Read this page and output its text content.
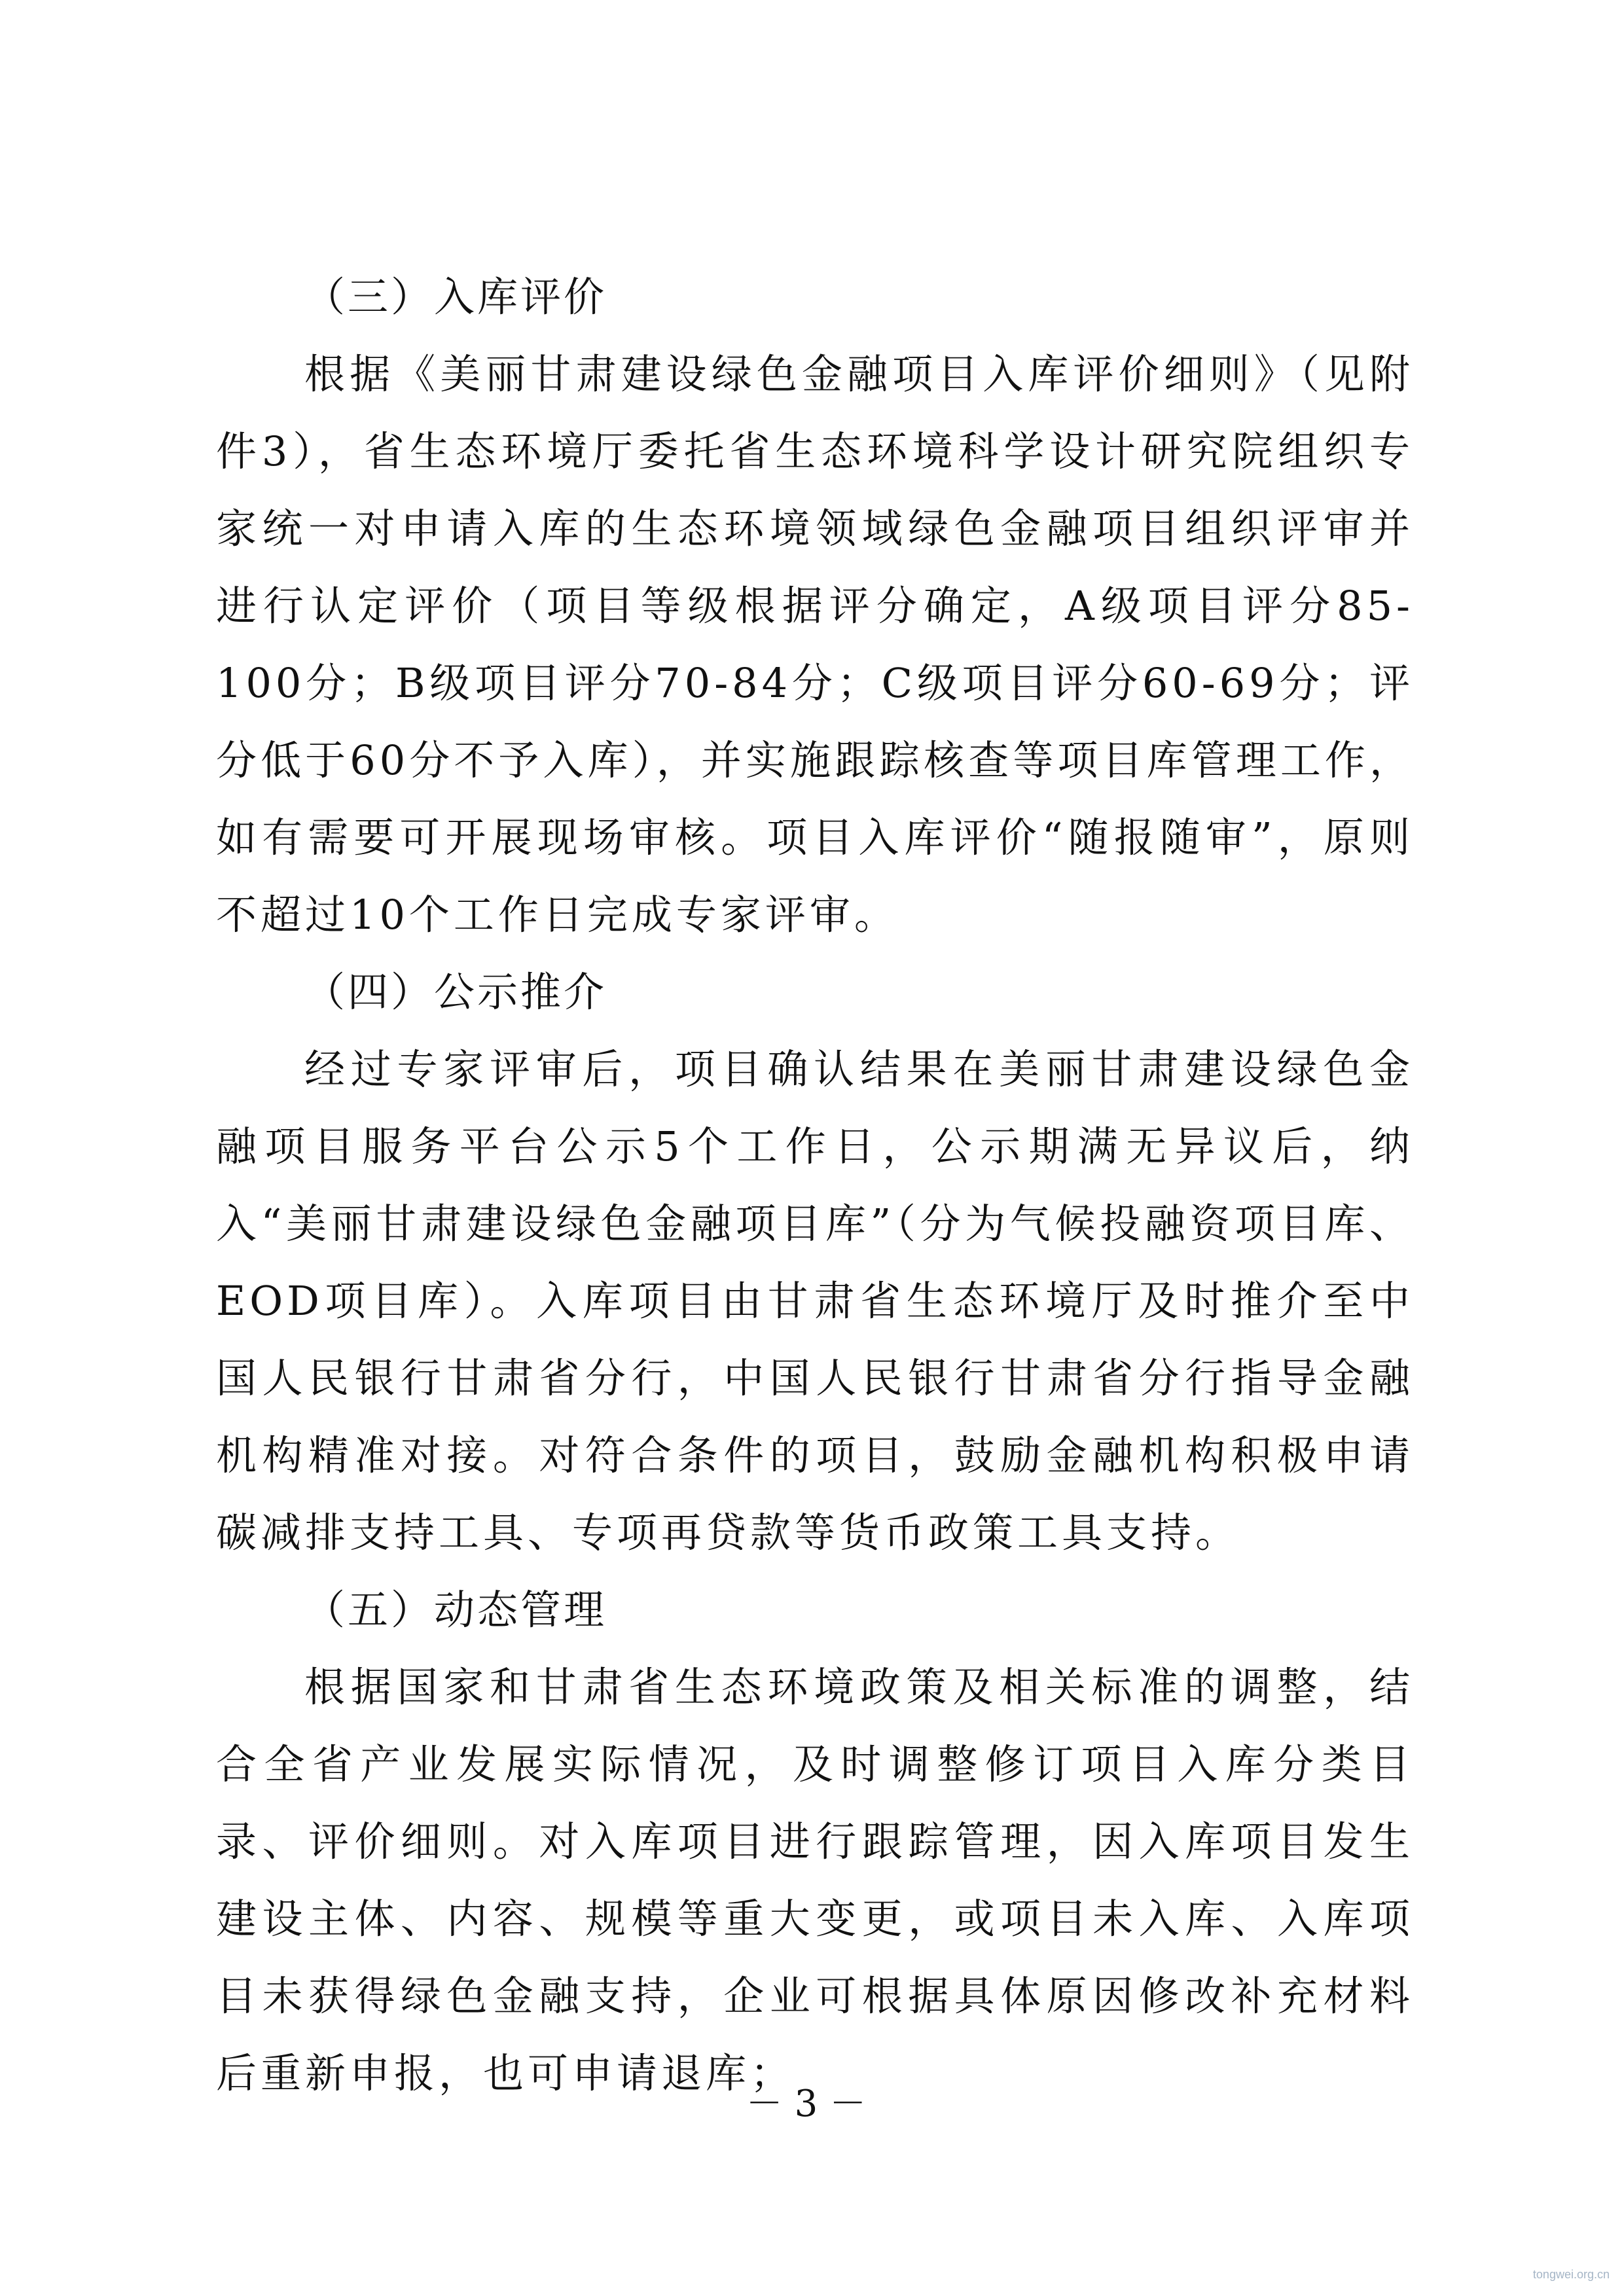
（三）入库评价

根据《美丽甘肃建设绿色金融项目入库评价细则》（见附件3），省生态环境厅委托省生态环境科学设计研究院组织专家统一对申请入库的生态环境领域绿色金融项目组织评审并进行认定评价（项目等级根据评分确定，A级项目评分85-100分；B级项目评分70-84分；C级项目评分60-69分；评分低于60分不予入库），并实施跟踪核查等项目库管理工作，如有需要可开展现场审核。项目入库评价“随报随审”，原则不超过10个工作日完成专家评审。

（四）公示推介

经过专家评审后，项目确认结果在美丽甘肃建设绿色金融项目服务平台公示5个工作日，公示期满无异议后，纳入“美丽甘肃建设绿色金融项目库”（分为气候投融资项目库、EOD项目库）。入库项目由甘肃省生态环境厅及时推介至中国人民银行甘肃省分行，中国人民银行甘肃省分行指导金融机构精准对接。对符合条件的项目，鼓励金融机构积极申请碳减排支持工具、专项再贷款等货币政策工具支持。

（五）动态管理

根据国家和甘肃省生态环境政策及相关标准的调整，结合全省产业发展实际情况，及时调整修订项目入库分类目录、评价细则。对入库项目进行跟踪管理，因入库项目发生建设主体、内容、规模等重大变更，或项目未入库、入库项目未获得绿色金融支持，企业可根据具体原因修改补充材料后重新申报，也可申请退库；

－3－
tongwei.org.cn
